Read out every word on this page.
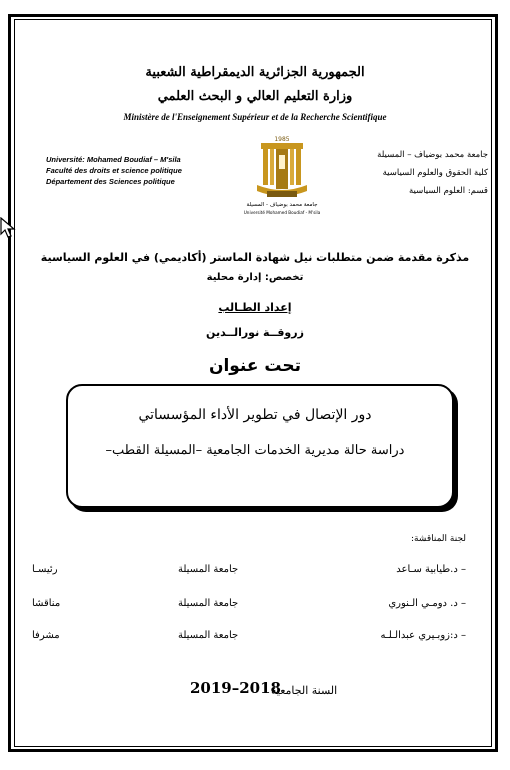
الجمهورية الجزائرية الديمقراطية الشعبية
وزارة التعليم العالي و البحث العلمي
Ministère de l'Enseignement Supérieur et de la Recherche Scientifique
Université: Mohamed Boudiaf – M'sila
Faculté des droits et science politique
Département des Sciences politique
جامعة محمد بوضياف – المسيلة
كلية الحقوق والعلوم السياسية
قسم: العلوم السياسية
1985
جامعة محمد بوضياف - المسيلة
Université Mohamed Boudiaf - M'sila
مذكرة مقدمة ضمن متطلبات نيل شهادة الماستر (أكاديمي) في العلوم السياسية
تخصص: إدارة محلية
إعداد الطـالب
زروقــة نورالــدين
تحت عنوان
دور الإتصال في تطوير الأداء المؤسساتي
دراسة حالة مديرية الخدمات الجامعية –المسيلة القطب–
لجنة المناقشة:
– د.طيابية سـاعد
جامعة المسيلة
رئيسـا
– د. دومـي الـنوري
جامعة المسيلة
مناقشا
– د:زوبـيري عبدالـلـه
جامعة المسيلة
مشرفا
السنة الجامعية
2019–2018
